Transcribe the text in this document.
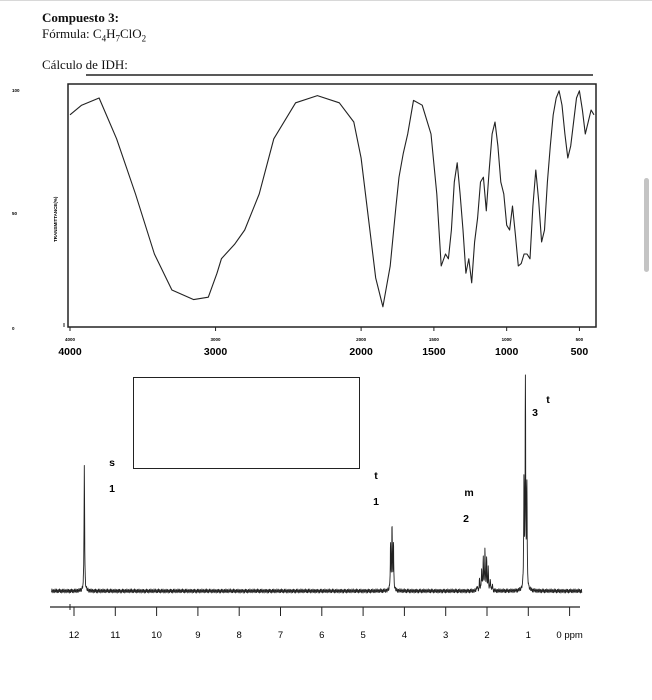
Compuesto 3:
Fórmula: $C_4H_7ClO_2$
Cálculo de IDH:
100
50
0
TRANSMITTANCE(%)
4000
4000
3000
3000
2000
2000
1500
1500
1000
1000
500
500
12	11	10	9	8	7	6	5	4	3	2	1	0 ppm
s
1
t
1
m
2
t
3
